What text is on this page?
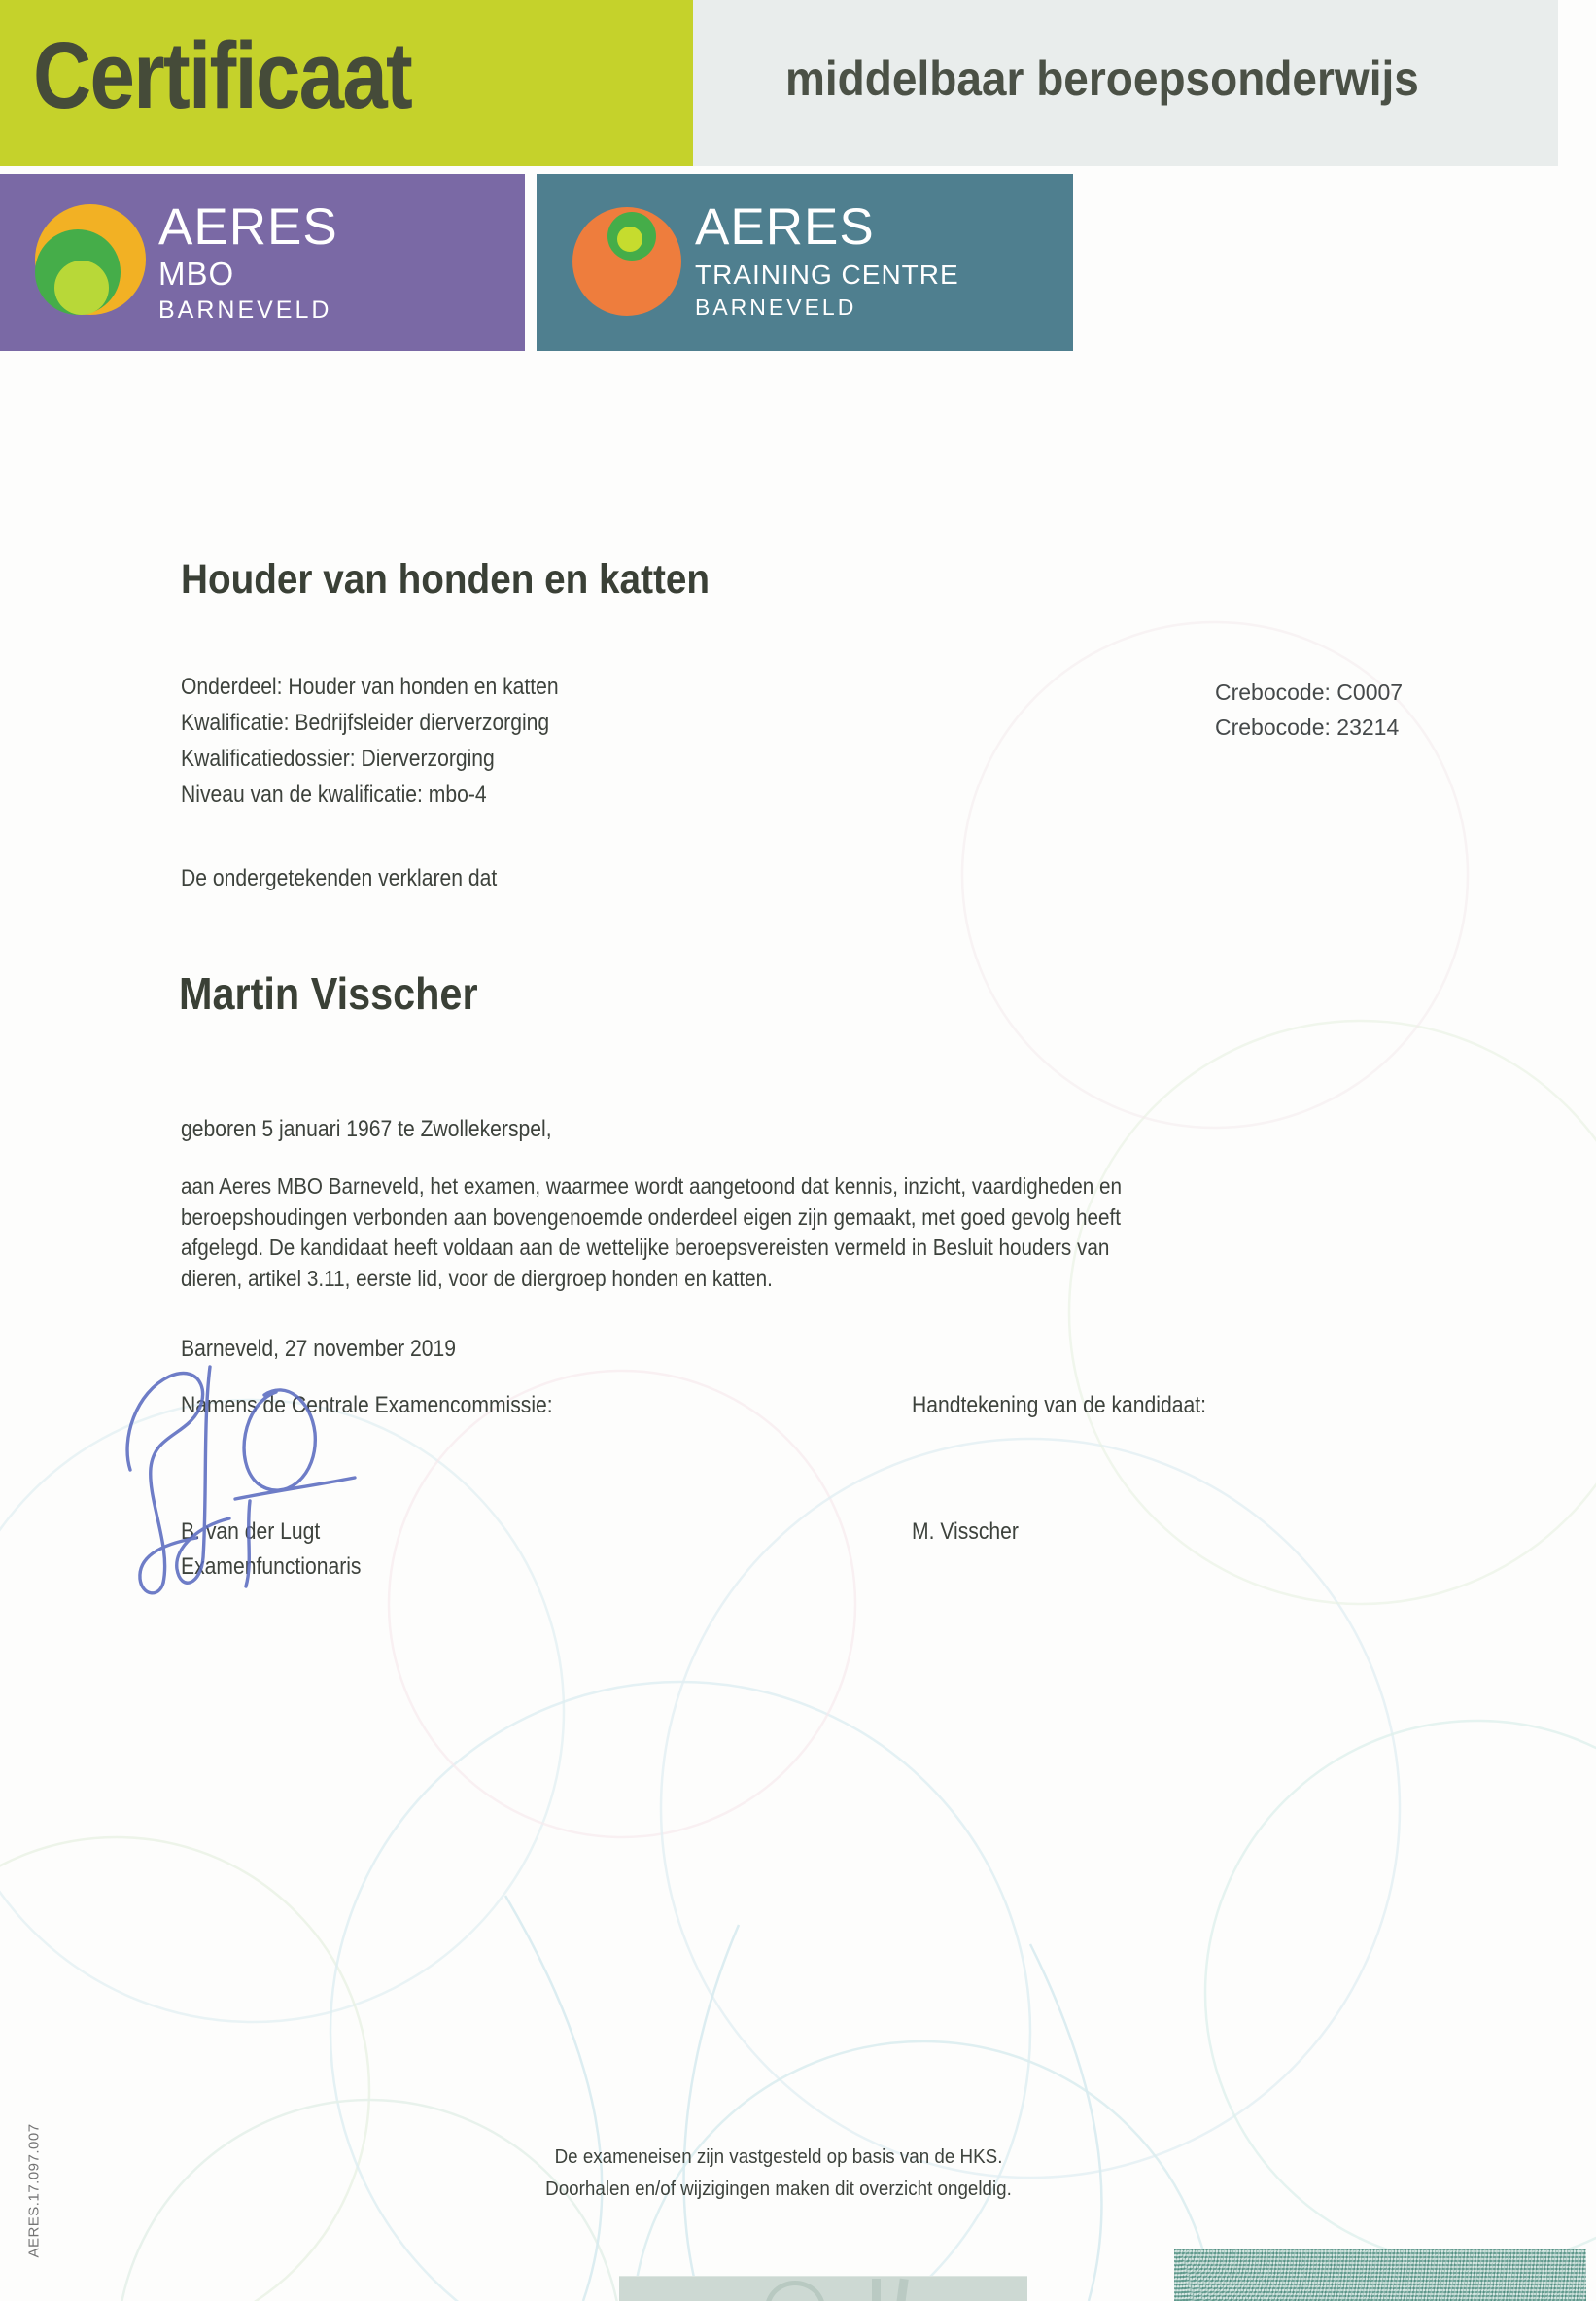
Certificaat	middelbaar beroepsonderwijs
AERES
MBO
BARNEVELD
AERES
TRAINING CENTRE
BARNEVELD
Houder van honden en katten
Onderdeel: Houder van honden en katten
Kwalificatie: Bedrijfsleider dierverzorging
Kwalificatiedossier: Dierverzorging
Niveau van de kwalificatie: mbo-4
Crebocode: C0007
Crebocode: 23214
De ondergetekenden verklaren dat
Martin Visscher
geboren 5 januari 1967 te Zwollekerspel,
aan Aeres MBO Barneveld, het examen, waarmee wordt aangetoond dat kennis, inzicht, vaardigheden en
beroepshoudingen verbonden aan bovengenoemde onderdeel eigen zijn gemaakt, met goed gevolg heeft
afgelegd. De kandidaat heeft voldaan aan de wettelijke beroepsvereisten vermeld in Besluit houders van
dieren, artikel 3.11, eerste lid, voor de diergroep honden en katten.
Barneveld, 27 november 2019
Namens de Centrale Examencommissie:	Handtekening van de kandidaat:
B. van der Lugt	M. Visscher
Examenfunctionaris
De exameneisen zijn vastgesteld op basis van de HKS.
Doorhalen en/of wijzigingen maken dit overzicht ongeldig.
AERES.17.097.007
